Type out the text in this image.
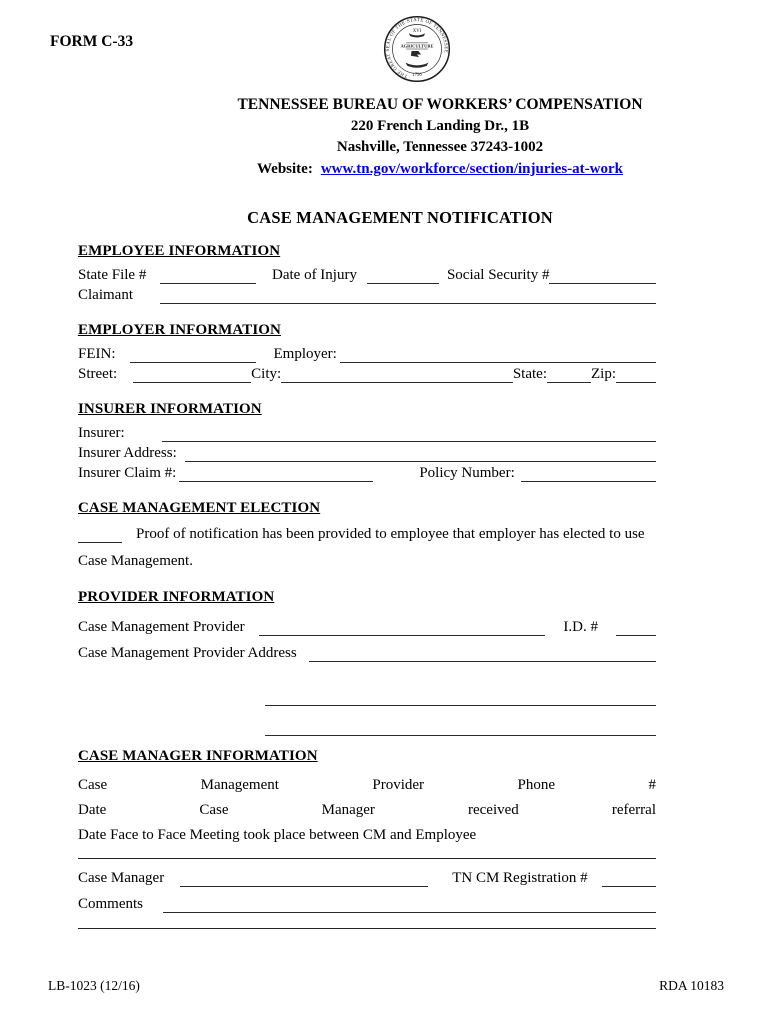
FORM C-33
THE GREAT SEAL OF THE STATE OF TENNESSEE
XVI
AGRICULTURE
1796
TENNESSEE BUREAU OF WORKERS’ COMPENSATION
220 French Landing Dr., 1B
Nashville, Tennessee 37243-1002
Website: www.tn.gov/workforce/section/injuries-at-work
CASE MANAGEMENT NOTIFICATION
EMPLOYEE INFORMATION
State File #	Date of Injury	Social Security #
Claimant
EMPLOYER INFORMATION
FEIN:	Employer:
Street:	City:	State:	Zip:
INSURER INFORMATION
Insurer:
Insurer Address:
Insurer Claim #:	Policy Number:
CASE MANAGEMENT ELECTION
Proof of notification has been provided to employee that employer has elected to use
Case Management.
PROVIDER INFORMATION
Case Management Provider	I.D. #
Case Management Provider Address
CASE MANAGER INFORMATION
Case	Management	Provider	Phone	#
Date	Case	Manager	received	referral
Date Face to Face Meeting took place between CM and Employee
Case Manager	TN CM Registration #
Comments
LB-1023 (12/16)	RDA 10183
